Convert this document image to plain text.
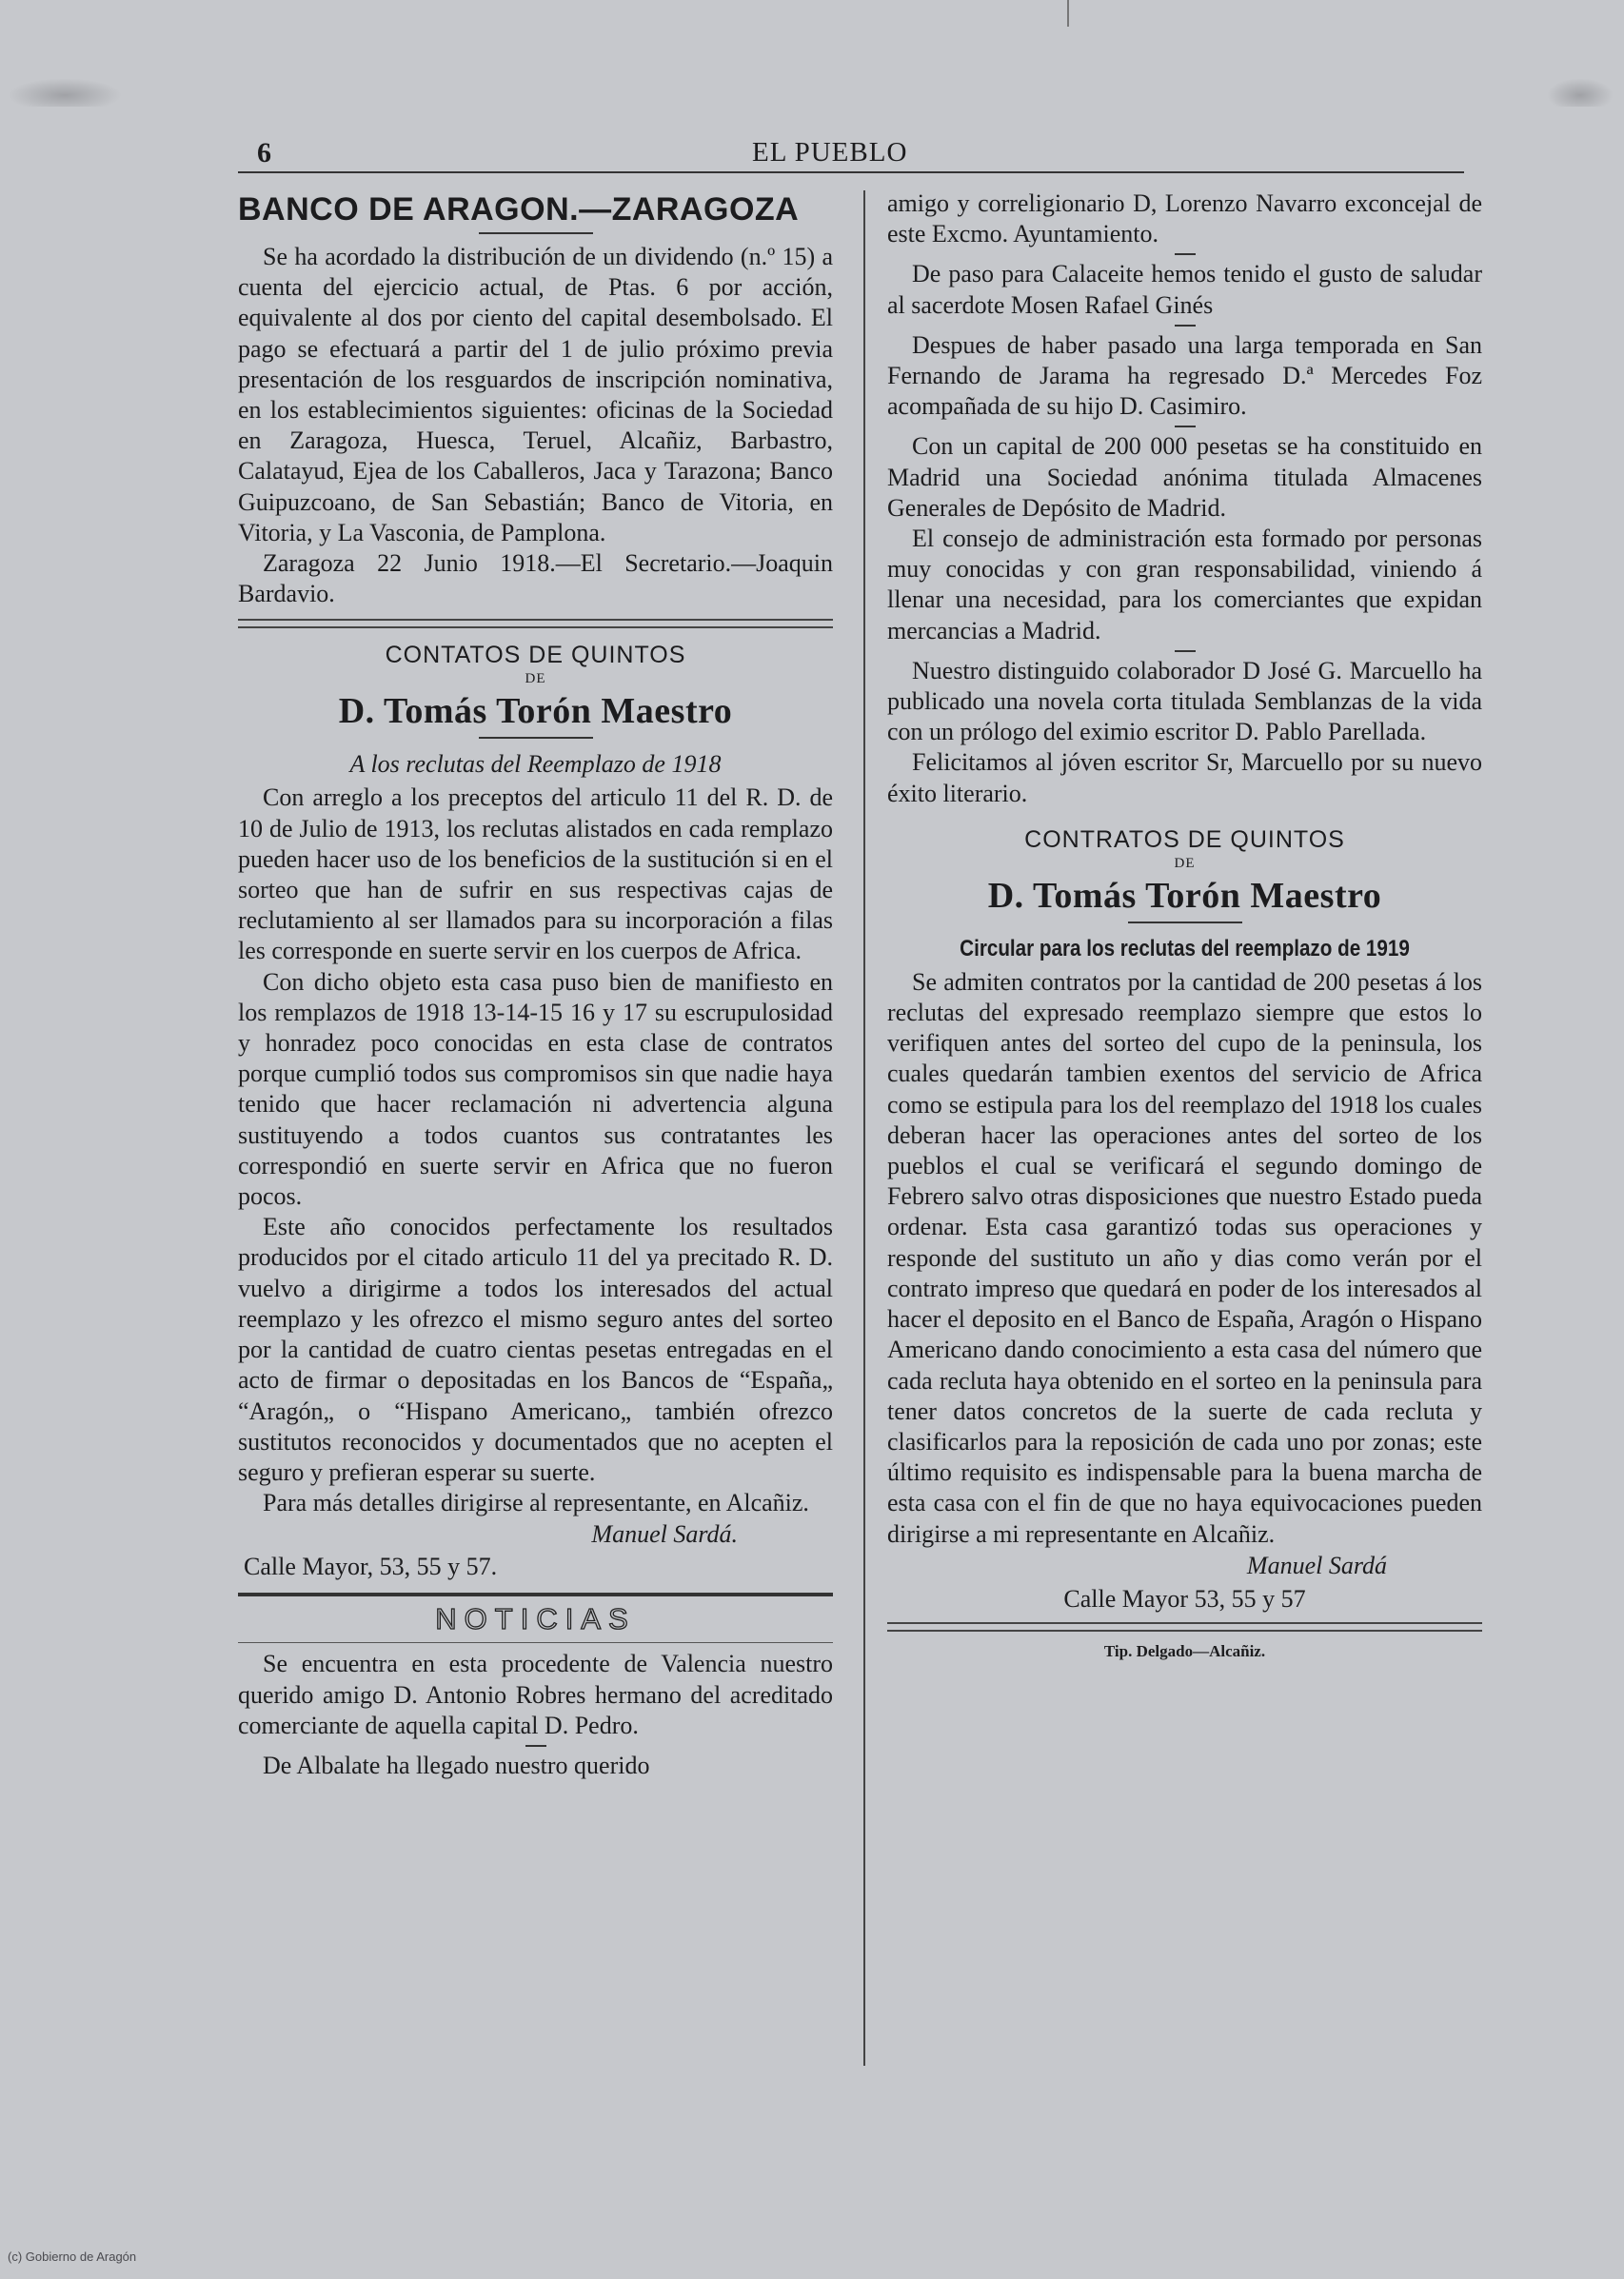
6	EL PUEBLO
BANCO DE ARAGON.—ZARAGOZA

Se ha acordado la distribución de un dividendo (n.º 15) a cuenta del ejercicio actual, de Ptas. 6 por acción, equivalente al dos por ciento del capital desembolsado. El pago se efectuará a partir del 1 de julio próximo previa presentación de los resguardos de inscripción nominativa, en los establecimientos siguientes: oficinas de la Sociedad en Zaragoza, Huesca, Teruel, Alcañiz, Barbastro, Calatayud, Ejea de los Caballeros, Jaca y Tarazona; Banco Guipuzcoano, de San Sebastián; Banco de Vitoria, en Vitoria, y La Vasconia, de Pamplona.

Zaragoza 22 Junio 1918.—El Secretario.—Joaquin Bardavio.

CONTATOS DE QUINTOS
DE
D. Tomás Torón Maestro
A los reclutas del Reemplazo de 1918

Con arreglo a los preceptos del articulo 11 del R. D. de 10 de Julio de 1913, los reclutas alistados en cada remplazo pueden hacer uso de los beneficios de la sustitución si en el sorteo que han de sufrir en sus respectivas cajas de reclutamiento al ser llamados para su incorporación a filas les corresponde en suerte servir en los cuerpos de Africa.

Con dicho objeto esta casa puso bien de manifiesto en los remplazos de 1918 13-14-15 16 y 17 su escrupulosidad y honradez poco conocidas en esta clase de contratos porque cumplió todos sus compromisos sin que nadie haya tenido que hacer reclamación ni advertencia alguna sustituyendo a todos cuantos sus contratantes les correspondió en suerte servir en Africa que no fueron pocos.

Este año conocidos perfectamente los resultados producidos por el citado articulo 11 del ya precitado R. D. vuelvo a dirigirme a todos los interesados del actual reemplazo y les ofrezco el mismo seguro antes del sorteo por la cantidad de cuatro cientas pesetas entregadas en el acto de firmar o depositadas en los Bancos de “España„ “Aragón„ o “Hispano Americano„ también ofrezco sustitutos reconocidos y documentados que no acepten el seguro y prefieran esperar su suerte.

Para más detalles dirigirse al representante, en Alcañiz.

Manuel Sardá.
Calle Mayor, 53, 55 y 57.
NOTICIAS

Se encuentra en esta procedente de Valencia nuestro querido amigo D. Antonio Robres hermano del acreditado comerciante de aquella capital D. Pedro.

De Albalate ha llegado nuestro querido

amigo y correligionario D, Lorenzo Navarro exconcejal de este Excmo. Ayuntamiento.

De paso para Calaceite hemos tenido el gusto de saludar al sacerdote Mosen Rafael Ginés

Despues de haber pasado una larga temporada en San Fernando de Jarama ha regresado D.ª Mercedes Foz acompañada de su hijo D. Casimiro.

Con un capital de 200 000 pesetas se ha constituido en Madrid una Sociedad anónima titulada Almacenes Generales de Depósito de Madrid.

El consejo de administración esta formado por personas muy conocidas y con gran responsabilidad, viniendo á llenar una necesidad, para los comerciantes que expidan mercancias a Madrid.

Nuestro distinguido colaborador D José G. Marcuello ha publicado una novela corta titulada Semblanzas de la vida con un prólogo del eximio escritor D. Pablo Parellada.

Felicitamos al jóven escritor Sr, Marcuello por su nuevo éxito literario.

CONTRATOS DE QUINTOS
DE
D. Tomás Torón Maestro
Circular para los reclutas del reemplazo de 1919

Se admiten contratos por la cantidad de 200 pesetas á los reclutas del expresado reemplazo siempre que estos lo verifiquen antes del sorteo del cupo de la peninsula, los cuales quedarán tambien exentos del servicio de Africa como se estipula para los del reemplazo del 1918 los cuales deberan hacer las operaciones antes del sorteo de los pueblos el cual se verificará el segundo domingo de Febrero salvo otras disposiciones que nuestro Estado pueda ordenar. Esta casa garantizó todas sus operaciones y responde del sustituto un año y dias como verán por el contrato impreso que quedará en poder de los interesados al hacer el deposito en el Banco de España, Aragón o Hispano Americano dando conocimiento a esta casa del número que cada recluta haya obtenido en el sorteo en la peninsula para tener datos concretos de la suerte de cada recluta y clasificarlos para la reposición de cada uno por zonas; este último requisito es indispensable para la buena marcha de esta casa con el fin de que no haya equivocaciones pueden dirigirse a mi representante en Alcañiz.

Manuel Sardá
Calle Mayor 53, 55 y 57
Tip. Delgado—Alcañiz.
(c) Gobierno de Aragón
